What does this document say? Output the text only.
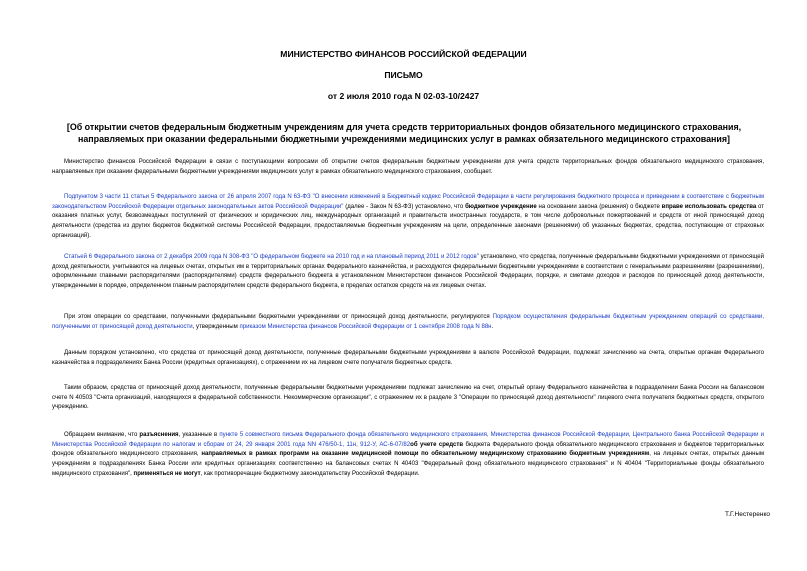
МИНИСТЕРСТВО ФИНАНСОВ РОССИЙСКОЙ ФЕДЕРАЦИИ
ПИСЬМО
от 2 июля 2010 года N 02-03-10/2427
[Об открытии счетов федеральным бюджетным учреждениям для учета средств территориальных фондов обязательного медицинского страхования, направляемых при оказании федеральными бюджетными учреждениями медицинских услуг в рамках обязательного медицинского страхования]
Министерство финансов Российской Федерации в связи с поступающими вопросами об открытии счетов федеральным бюджетным учреждениям для учета средств территориальных фондов обязательного медицинского страхования, направляемых при оказании федеральными бюджетными учреждениями медицинских услуг в рамках обязательного медицинского страхования, сообщает.
Подпунктом 3 части 11 статьи 5 Федерального закона от 26 апреля 2007 года N 63-ФЗ "О внесении изменений в Бюджетный кодекс Российской Федерации в части регулирования бюджетного процесса и приведении в соответствие с бюджетным законодательством Российской Федерации отдельных законодательных актов Российской Федерации" (далее - Закон N 63-ФЗ) установлено, что бюджетное учреждение на основании закона (решения) о бюджете вправе использовать средства от оказания платных услуг, безвозмездных поступлений от физических и юридических лиц, международных организаций и правительств иностранных государств, в том числе добровольных пожертвований и средств от иной приносящей доход деятельности (средства из других бюджетов бюджетной системы Российской Федерации, предоставляемые бюджетным учреждениям на цели, определенные законами (решениями) об указанных бюджетах, средства, поступающие от страховых организаций).
Статьей 6 Федерального закона от 2 декабря 2009 года N 308-ФЗ "О федеральном бюджете на 2010 год и на плановый период 2011 и 2012 годов" установлено, что средства, полученные федеральными бюджетными учреждениями от приносящей доход деятельности, учитываются на лицевых счетах, открытых им в территориальных органах Федерального казначейства, и расходуются федеральными бюджетными учреждениями в соответствии с генеральными разрешениями (разрешениями), оформленными главными распорядителями (распорядителями) средств федерального бюджета в установленном Министерством финансов Российской Федерации, порядке, и сметами доходов и расходов по приносящей доход деятельности, утвержденными в порядке, определенном главным распорядителем средств федерального бюджета, в пределах остатков средств на их лицевых счетах.
При этом операции со средствами, полученными федеральными бюджетными учреждениями от приносящей доход деятельности, регулируются Порядком осуществления федеральным бюджетным учреждением операций со средствами, полученными от приносящей доход деятельности, утвержденным приказом Министерства финансов Российской Федерации от 1 сентября 2008 года N 88н.
Данным порядком установлено, что средства от приносящей доход деятельности, полученные федеральными бюджетными учреждениями в валюте Российской Федерации, подлежат зачислению на счета, открытые органам Федерального казначейства в подразделениях Банка России (кредитных организациях), с отражением их на лицевом счете получателя бюджетных средств.
Таким образом, средства от приносящей доход деятельности, полученные федеральными бюджетными учреждениями подлежат зачислению на счет, открытый органу Федерального казначейства в подразделении Банка России на балансовом счете N 40503 "Счета организаций, находящихся в федеральной собственности. Некоммерческие организации", с отражением их в разделе 3 "Операции по приносящей доход деятельности" лицевого счета получателя бюджетных средств, открытого учреждению.
Обращаем внимание, что разъяснения, указанные в пункте 5 совместного письма Федерального фонда обязательного медицинского страхования, Министерства финансов Российской Федерации, Центрального банка Российской Федерации и Министерства Российской Федерации по налогам и сборам от 24, 29 января 2001 года NN 476/50-1, 11н, 912-У, АС-6-07/82об учете средств бюджета Федерального фонда обязательного медицинского страхования и бюджетов территориальных фондов обязательного медицинского страхования, направляемых в рамках программ на оказание медицинской помощи по обязательному медицинскому страхованию бюджетным учреждениям, на лицевых счетах, открытых данным учреждениям в подразделениях Банка России или кредитных организациях соответственно на балансовых счетах N 40403 "Федеральный фонд обязательного медицинского страхования" и N 40404 "Территориальные фонды обязательного медицинского страхования", применяться не могут, как противоречащие бюджетному законодательству Российской Федерации.
Т.Г.Нестеренко
